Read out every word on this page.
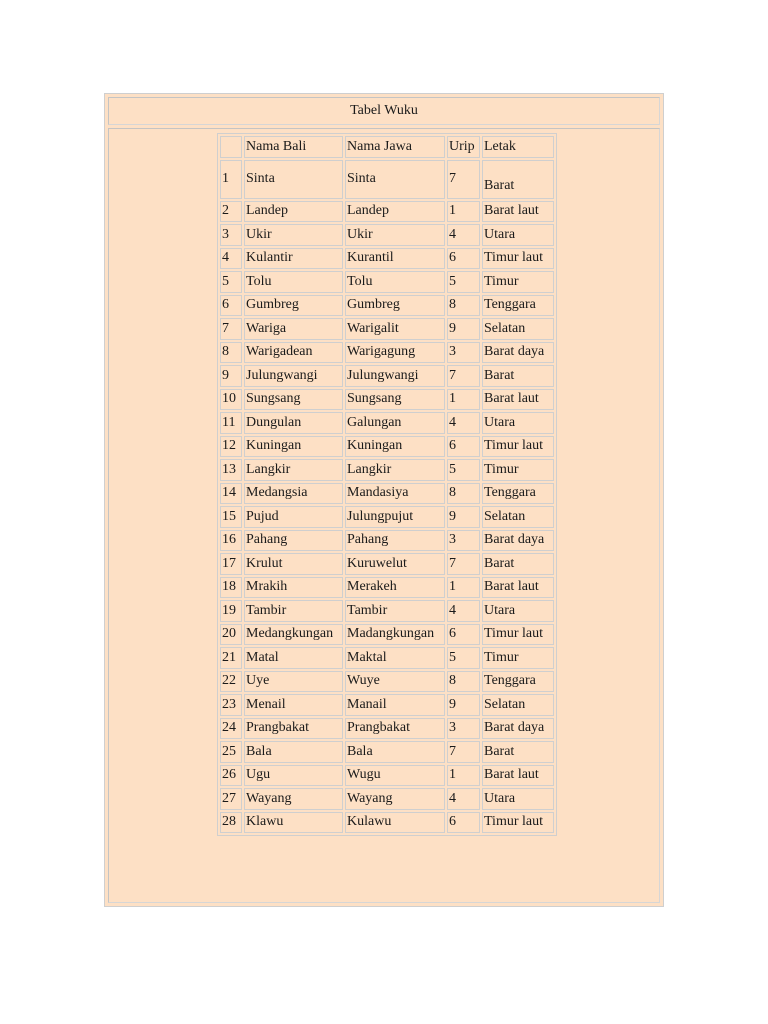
Tabel Wuku
	Nama Bali	Nama Jawa	Urip	Letak
1	Sinta	Sinta	7	Barat
2	Landep	Landep	1	Barat laut
3	Ukir	Ukir	4	Utara
4	Kulantir	Kurantil	6	Timur laut
5	Tolu	Tolu	5	Timur
6	Gumbreg	Gumbreg	8	Tenggara
7	Wariga	Warigalit	9	Selatan
8	Warigadean	Warigagung	3	Barat daya
9	Julungwangi	Julungwangi	7	Barat
10	Sungsang	Sungsang	1	Barat laut
11	Dungulan	Galungan	4	Utara
12	Kuningan	Kuningan	6	Timur laut
13	Langkir	Langkir	5	Timur
14	Medangsia	Mandasiya	8	Tenggara
15	Pujud	Julungpujut	9	Selatan
16	Pahang	Pahang	3	Barat daya
17	Krulut	Kuruwelut	7	Barat
18	Mrakih	Merakeh	1	Barat laut
19	Tambir	Tambir	4	Utara
20	Medangkungan	Madangkungan	6	Timur laut
21	Matal	Maktal	5	Timur
22	Uye	Wuye	8	Tenggara
23	Menail	Manail	9	Selatan
24	Prangbakat	Prangbakat	3	Barat daya
25	Bala	Bala	7	Barat
26	Ugu	Wugu	1	Barat laut
27	Wayang	Wayang	4	Utara
28	Klawu	Kulawu	6	Timur laut
